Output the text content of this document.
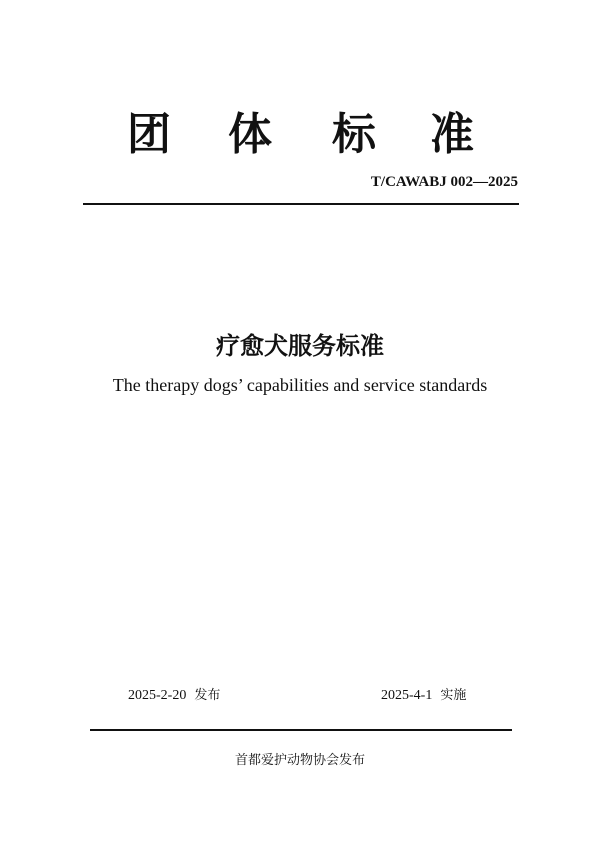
团 体 标 准
T/CAWABJ 002—2025
疗愈犬服务标准
The therapy dogs’ capabilities and service standards
2025-2-20 发布	2025-4-1 实施
首都爱护动物协会发布
